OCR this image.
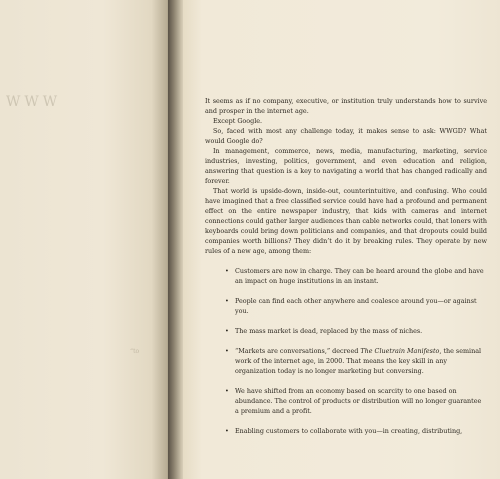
WWW
“to

It seems as if no company, executive, or institution truly understands how to survive and prosper in the internet age.

Except Google.

So, faced with most any challenge today, it makes sense to ask: WWGD? What would Google do?

In management, commerce, news, media, manufacturing, marketing, service industries, investing, politics, government, and even education and religion, answering that question is a key to navigating a world that has changed radically and forever.

That world is upside-down, inside-out, counterintuitive, and confusing. Who could have imagined that a free classified service could have had a profound and permanent effect on the entire newspaper industry, that kids with cameras and internet connections could gather larger audiences than cable networks could, that loners with keyboards could bring down politicians and companies, and that dropouts could build companies worth billions? They didn’t do it by breaking rules. They operate by new rules of a new age, among them:

• Customers are now in charge. They can be heard around the globe and have an impact on huge institutions in an instant.
• People can find each other anywhere and coalesce around you—or against you.
• The mass market is dead, replaced by the mass of niches.
• “Markets are conversations,” decreed The Cluetrain Manifesto, the seminal work of the internet age, in 2000. That means the key skill in any organization today is no longer marketing but conversing.
• We have shifted from an economy based on scarcity to one based on abundance. The control of products or distribution will no longer guarantee a premium and a profit.
• Enabling customers to collaborate with you—in creating, distributing,
